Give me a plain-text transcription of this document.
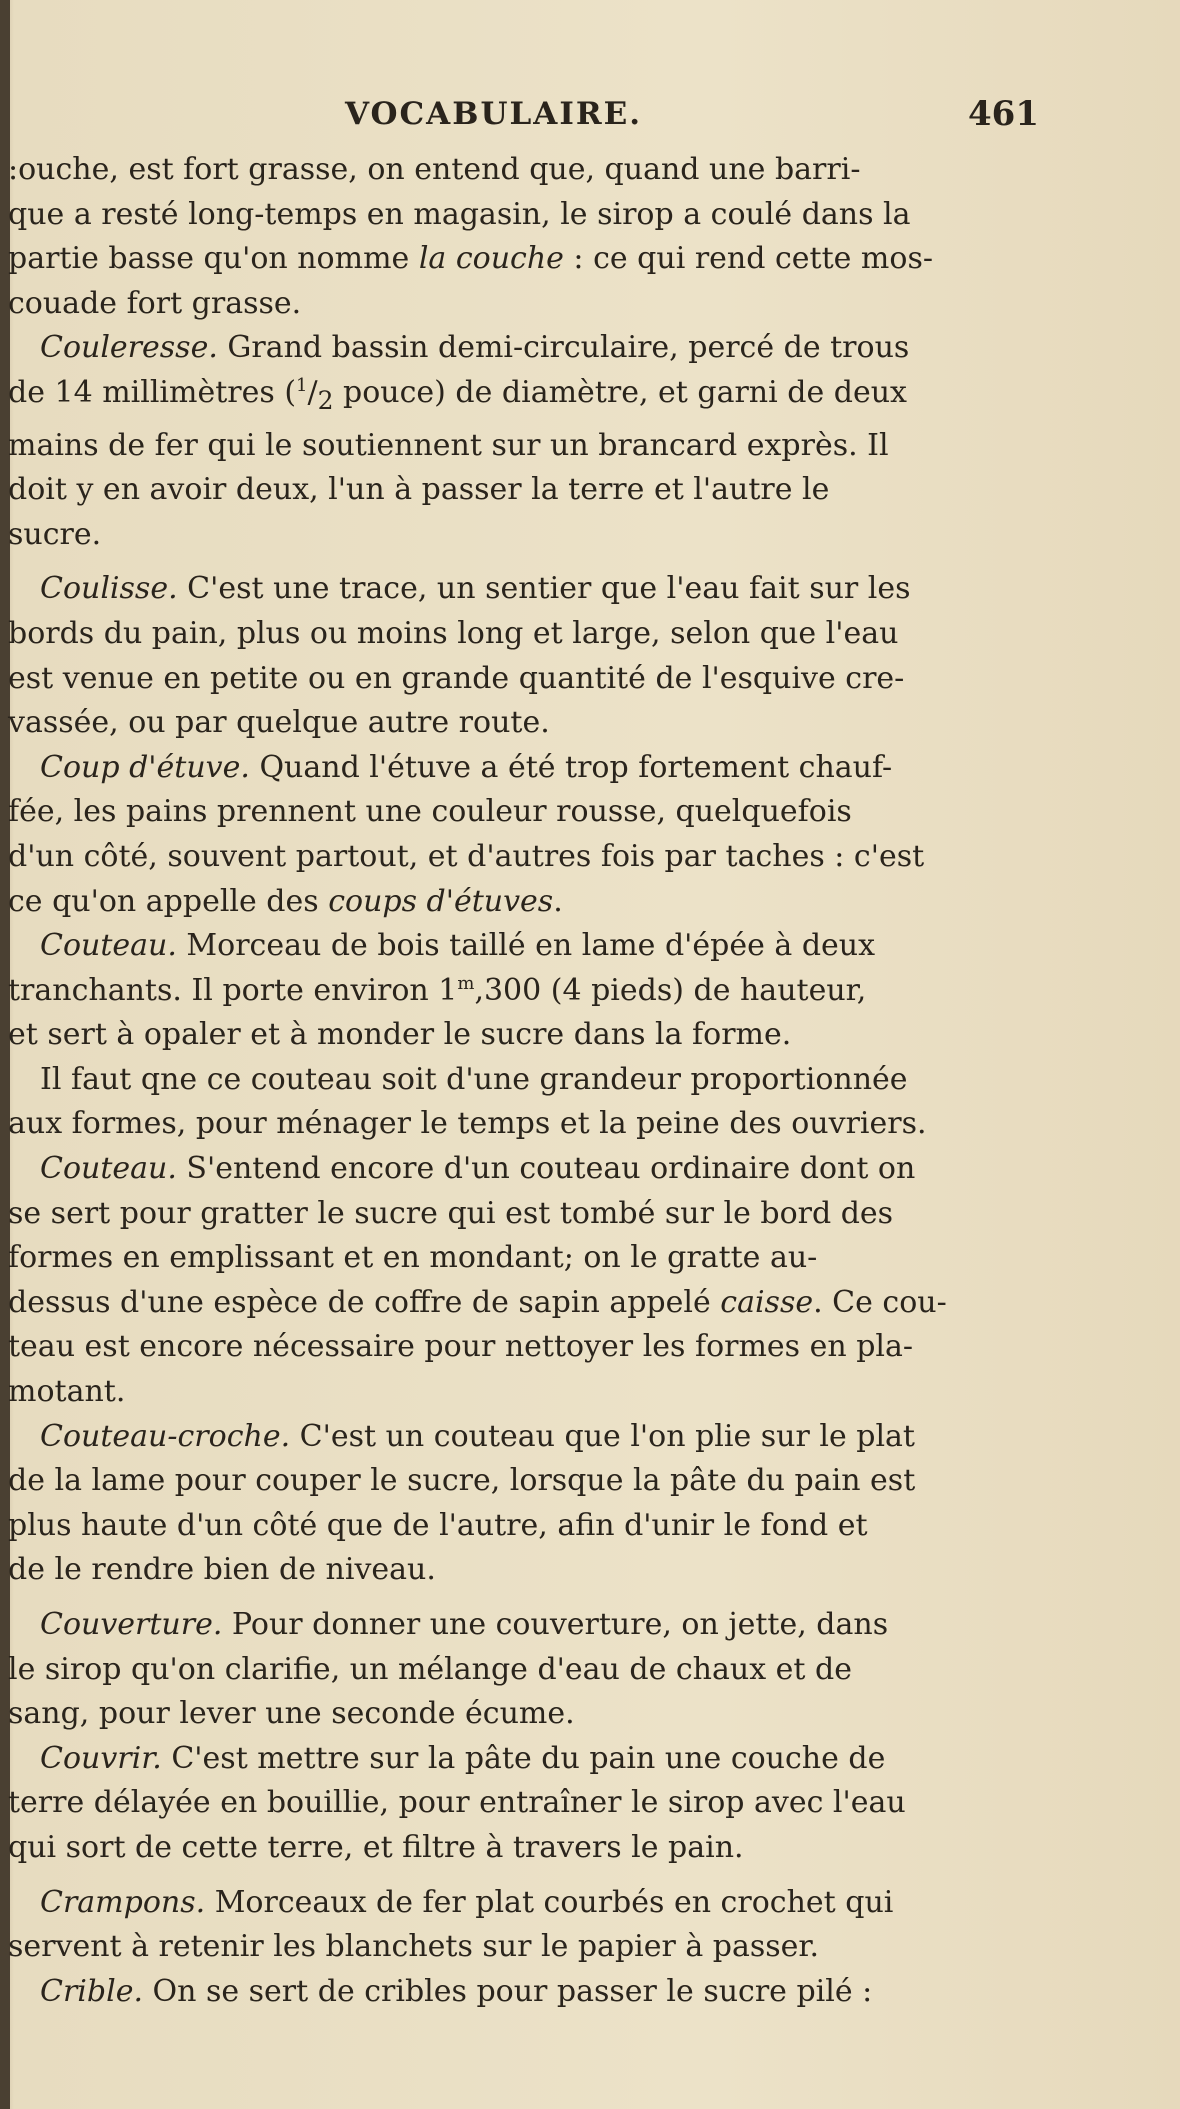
VOCABULAIRE.	461
:ouche, est fort grasse, on entend que, quand une barri-
que a resté long-temps en magasin, le sirop a coulé dans la
partie basse qu'on nomme la couche : ce qui rend cette mos-
couade fort grasse.
Couleresse. Grand bassin demi-circulaire, percé de trous
de 14 millimètres ($^1/_2$ pouce) de diamètre, et garni de deux
mains de fer qui le soutiennent sur un brancard exprès. Il
doit y en avoir deux, l'un à passer la terre et l'autre le
sucre.
Coulisse. C'est une trace, un sentier que l'eau fait sur les
bords du pain, plus ou moins long et large, selon que l'eau
est venue en petite ou en grande quantité de l'esquive cre-
vassée, ou par quelque autre route.
Coup d'étuve. Quand l'étuve a été trop fortement chauf-
fée, les pains prennent une couleur rousse, quelquefois
d'un côté, souvent partout, et d'autres fois par taches : c'est
ce qu'on appelle des coups d'étuves.
Couteau. Morceau de bois taillé en lame d'épée à deux
tranchants. Il porte environ 1$^m$,300 (4 pieds) de hauteur,
et sert à opaler et à monder le sucre dans la forme.
Il faut qne ce couteau soit d'une grandeur proportionnée
aux formes, pour ménager le temps et la peine des ouvriers.
Couteau. S'entend encore d'un couteau ordinaire dont on
se sert pour gratter le sucre qui est tombé sur le bord des
formes en emplissant et en mondant; on le gratte au-
dessus d'une espèce de coffre de sapin appelé caisse. Ce cou-
teau est encore nécessaire pour nettoyer les formes en pla-
motant.
Couteau-croche. C'est un couteau que l'on plie sur le plat
de la lame pour couper le sucre, lorsque la pâte du pain est
plus haute d'un côté que de l'autre, afin d'unir le fond et
de le rendre bien de niveau.
Couverture. Pour donner une couverture, on jette, dans
le sirop qu'on clarifie, un mélange d'eau de chaux et de
sang, pour lever une seconde écume.
Couvrir. C'est mettre sur la pâte du pain une couche de
terre délayée en bouillie, pour entraîner le sirop avec l'eau
qui sort de cette terre, et filtre à travers le pain.
Crampons. Morceaux de fer plat courbés en crochet qui
servent à retenir les blanchets sur le papier à passer.
Crible. On se sert de cribles pour passer le sucre pilé :
